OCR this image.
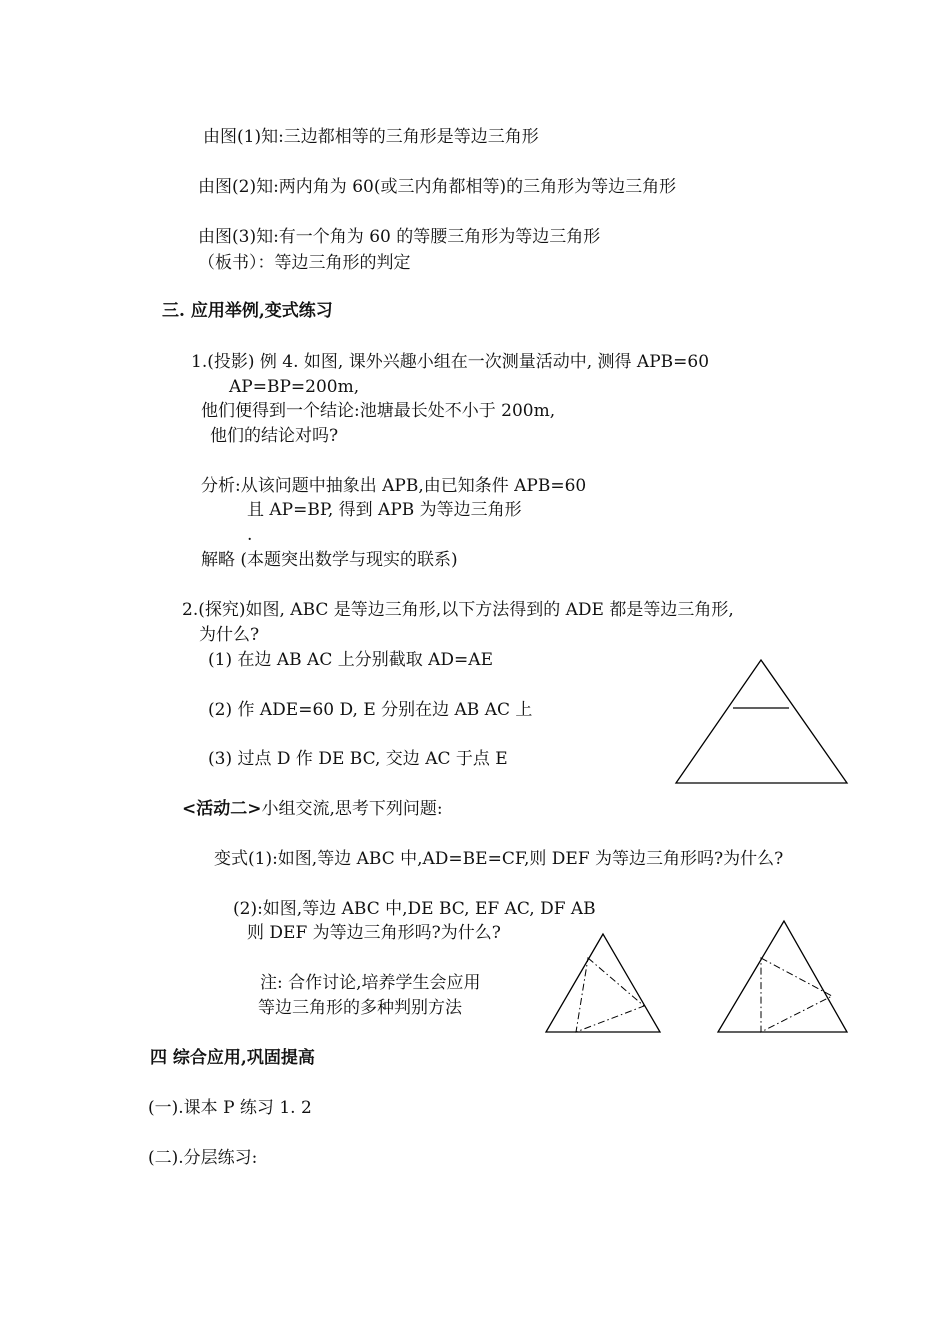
由图(1)知:三边都相等的三角形是等边三角形
由图(2)知:两内角为 60(或三内角都相等)的三角形为等边三角形
由图(3)知:有一个角为 60 的等腰三角形为等边三角形
（板书）：等边三角形的判定
三. 应用举例,变式练习
1.(投影) 例 4. 如图, 课外兴趣小组在一次测量活动中, 测得 APB=60
AP=BP=200m,
他们便得到一个结论:池塘最长处不小于 200m,
他们的结论对吗?
分析:从该问题中抽象出 APB,由已知条件 APB=60
且 AP=BP, 得到 APB 为等边三角形
.
解略 (本题突出数学与现实的联系)
2.(探究)如图, ABC 是等边三角形,以下方法得到的 ADE 都是等边三角形,
为什么?
(1) 在边 AB AC 上分别截取 AD=AE
(2) 作 ADE=60 D, E 分别在边 AB AC 上
(3) 过点 D 作 DE BC, 交边 AC 于点 E
<活动二>小组交流,思考下列问题:
变式(1):如图,等边 ABC 中,AD=BE=CF,则 DEF 为等边三角形吗?为什么?
(2):如图,等边 ABC 中,DE BC, EF AC, DF AB
则 DEF 为等边三角形吗?为什么?
注: 合作讨论,培养学生会应用
等边三角形的多种判别方法
四 综合应用,巩固提高
(一).课本 P 练习 1. 2
(二).分层练习:
